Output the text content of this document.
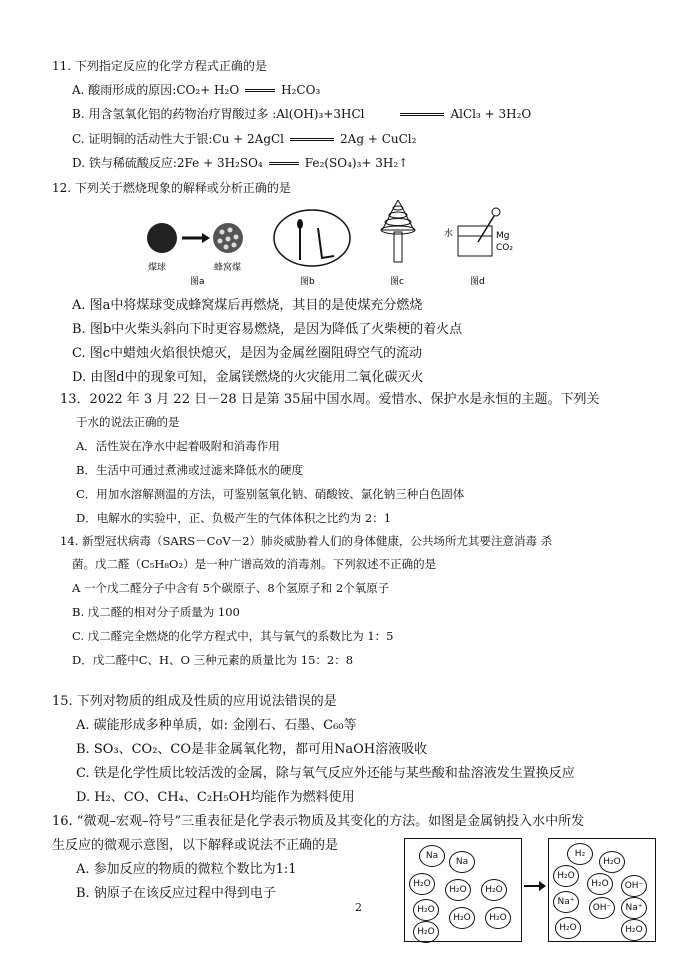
11. 下列指定反应的化学方程式正确的是
A. 酸雨形成的原因:CO₂+ H₂O	H₂CO₃
B. 用含氢氧化铝的药物治疗胃酸过多 :Al(OH)₃+3HCl	AlCl₃ + 3H₂O
C. 证明铜的活动性大于银:Cu + 2AgCl	2Ag + CuCl₂
D. 铁与稀硫酸反应:2Fe + 3H₂SO₄	Fe₂(SO₄)₃+ 3H₂↑
12. 下列关于燃烧现象的解释或分析正确的是
煤球	蜂窝煤
图a	图b	图c
水	Mg
CO₂
图d
A. 图a中将煤球变成蜂窝煤后再燃烧，其目的是使煤充分燃烧
B. 图b中火柴头斜向下时更容易燃烧，是因为降低了火柴梗的着火点
C. 图c中蜡烛火焰很快熄灭，是因为金属丝圈阻碍空气的流动
D. 由图d中的现象可知，金属镁燃烧的火灾能用二氧化碳灭火
13．2022 年 3 月 22 日－28 日是第 35届中国水周。爱惜水、保护水是永恒的主题。下列关
于水的说法正确的是
A．活性炭在净水中起着吸附和消毒作用
B．生活中可通过煮沸或过滤来降低水的硬度
C．用加水溶解测温的方法，可鉴别氢氧化钠、硝酸铵、氯化钠三种白色固体
D．电解水的实验中，正、负极产生的气体体积之比约为 2：1
14. 新型冠状病毒（SARS－CoV－2）肺炎威胁着人们的身体健康，公共场所尤其要注意消毒 杀
菌。戊二醛（C₅H₈O₂）是一种广谱高效的消毒剂。下列叙述不正确的是
A 一个戊二醛分子中含有 5个碳原子、8个氢原子和 2个氧原子
B. 戊二醛的相对分子质量为 100
C. 戊二醛完全燃烧的化学方程式中，其与氧气的系数比为 1：5
D．戊二醛中C、H、O 三种元素的质量比为 15：2：8
15. 下列对物质的组成及性质的应用说法错误的是
A. 碳能形成多种单质，如: 金刚石、石墨、C₆₀等
B. SO₃、CO₂、CO是非金属氧化物，都可用NaOH溶液吸收
C. 铁是化学性质比较活泼的金属，除与氧气反应外还能与某些酸和盐溶液发生置换反应
D. H₂、CO、CH₄、C₂H₅OH均能作为燃料使用
16. “微观–宏观–符号”三重表征是化学表示物质及其变化的方法。如图是金属钠投入水中所发
生反应的微观示意图，以下解释或说法不正确的是
A. 参加反应的物质的微粒个数比为1:1
B. 钠原子在该反应过程中得到电子
Na
Na
H₂O
H₂O	H₂O
H₂O
H₂O	H₂O
H₂O
H₂
H₂O
H₂O
H₂O	OH⁻
Na⁺
OH⁻	Na⁺
H₂O	H₂O
2
